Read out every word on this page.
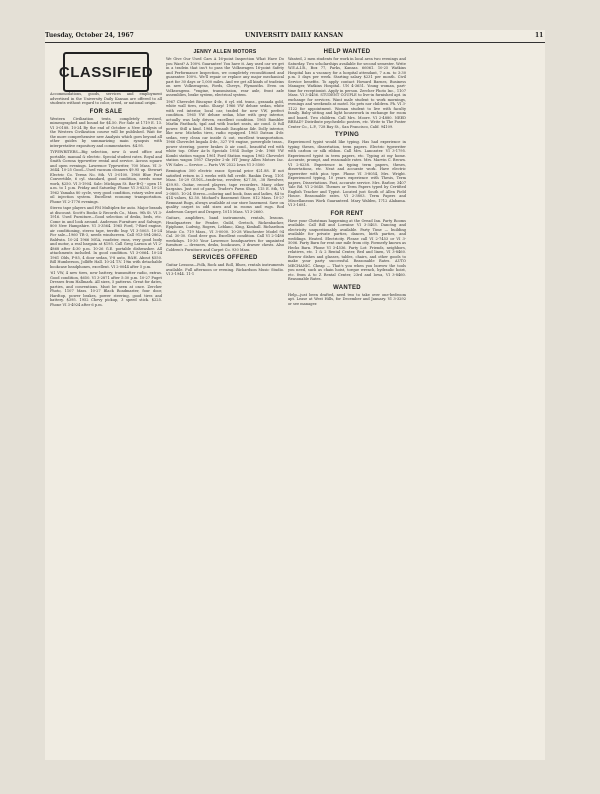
Tuesday, October 24, 1967	UNIVERSITY DAILY KANSAN	11
CLASSIFIED

Accommodations, goods, services and employment advertised in the University Daily Kansan are offered to all students without regard to color, creed, or national origin.

FOR SALE

Western Civilization texts, completely revised, mimeographed and bound for $4.50. For Sale at 1719 E. 13. VI 3-0188. 10-24 By the end of October a New Analysis of the Western Civilization course will be published. Wait for the more comprehensive new Analysis which goes beyond all other guides by summarizing main synopsis with interpretative expository and commentaries. $4.95.

TYPEWRITERS—Big selection, new & used office and portable, manual & electric. Special student rates. Royal and Smith Corona typewriter rental and service. Across square and open evenings. Lawrence Typewriter, 700 Mass. VI 3-3644. 10-25 Good—Used vacuum cleaners $9.95 up. Stewart Electric Co. Terms No. 8th. VI 3-0100. 1960 Blue Ford Convertible, 6 cyl. standard, good condition, needs some work, $250. VI 3-1904. Sale: Michigan St. Bar-B-Q - open 11 a.m. to 1 p.m. Friday and Saturday. Phone VI 3-8233. 10-25 1962 Yamaha 80 cycle, very good condition, rotary valve and oil injection system. Excellent economy transportation. Phone VI 2-1776 evenings.

Stereo tape players and FM Multiplex for auto. Major brands at discount. Scott's Books & Records Co., Mass. 9th St. VI 3-1916. Used Furniture—Good selection of desks, beds, etc. Come in and look around. Anderson Furniture and Salvage, 800 New Hampshire. VI 3-3564. 1965 Ford, 7-Bird engine, air conditioning, stereo tape, terrific buy. VI 3-5003. 10-24 For sale—1960 TR-3, needs windscreen. Call 913-594-2862, Baldwin. 10-24 1966 MGA, roadster, runs, very good body and motor, a real bargain at $195. Call Greg Larson at VI 2-4868 after 4:30 p.m. 10-26 G.E. portable dishwasher. All attachments included. In good condition. VI 3-0064. 10-24 1961 Olds, F-85, 4 door sedan, V-8 auto, R&H. About $550. Bill Humberson, Jolliffe Hall. 10-24 T.V. 19in with detachable bookcase headphones, excellent. VI 2-0044 after 5 p.m.

'61 VW, 4 new tires, new battery, transmitter radio, extras. Good condition, $650. VI 3-2871 after 5:30 p.m. 10-27 Puget Dresses from Hallmark. All sizes, 5 patterns. Great for dates, parties, and conventions. Must be seen at once. Zercher Photo, 1107 Mass. 10-27 Black Roadmaster, four door, Hardtop, power brakes, power steering, good tires and battery. $395. 1952 Chevy pickup, 3 speed stick. $225. Phone VI 3-4924 after 6 p.m.

JENNY ALLEN MOTORS

We Give Our Used Cars A 16-point Inspection What Have Do you Want? A 100% Guarantee! You have it. Any used car we get in a tradein that isn't to pass the Volkswagen 16-point Safety and Performance Inspection, we completely reconditioned and guarantee 100%. We'll repair or replace any major mechanical part for 30 days or 1,000 miles. And we get all kinds of tradeins on new Volkswagens, Fords, Chevys, Plymouths. Even on Volkswagens. *engine, transmission, rear axle, front axle assemblies, brake system, electrical system.

1967 Chevrolet Biscayne 4-dr., 6 cyl. std. trans., granada gold, white wall tires, radio. Sharp! 1966 VW deluxe sedan, white with red interior, local car, traded for new VW, perfect condition. 1965 VW deluxe sedan, blue with gray interior, actually was lady driven, excellent condition. 1965 Rambler Marlin Fastback, tgal and with bucket seats, air cond. & full power. Still a kind. 1964 Renault Dauphine 4dr. Dolly interior, like new. Michelin tires, radio equipped. 1963 Datsun 4-dr. sedan, very clean car inside & out, excellent transportation. 1966 Chevrolet Impala 4-dr., 327 V-8 engine, powerglide trans., power steering, power brakes & air cond., beautiful red with white top. Other As-Is Specials 1954 Dodge 2-dr. 1960 VW Kombi station wagon 1961 Ford Station wagon 1962 Chevrolet station wagon 1957 Chrysler 2-dr. HT Jenny Allen Motors Inc. VW Sales — Service — Parts VW 2522 Iowa VI 3-3500

Remington 300 electric razor. Special price $21.88. If not satisfied return in 2 weeks with full credit. Rankin Drug, 1101 Mass. 10-29 GUNS—trade-ins, revolver, $27.50, .38 Revolver, $39.95. Guitar, record players, tape recorders. Many other bargains. Just out of pawn. Trader's Pawn Shop, 115 E. 8th, VI 2-0805. 10-24 Stereo—coloring and book, fans and ladies, $4 to $14 values, $2.50. Michael's Basement Store. 812 Mass. 10-27 Remnant Rugs, always available at our store basement. Save on quality carpet in odd sizes and in rooms and rugs. Rod Anderson Carpet and Drapery, 1015 Mass. VI 3-2660.

Guitars, amplifiers, band instruments, rentals, lessons. Headquarters for Fender, Guild, Gretsch, Rickenbacker, Epiphone, Ludwig, Rogers, Leblanc, King, Kimball. Richardson Music Co. 719 Mass., VI 3-0000. 10-28 Winchester Model 94 Cal. 30-30. Good deer gun. Excellent condition. Call VI 2-1488 weekdays. 10-30 Your Lawrence headquarters for unpainted furniture — dressers, desks, bookcases, 3 drawer chests. Also Coldren's Furniture and Carpet Co. 930 Mass.

SERVICES OFFERED

Guitar Lessons—Folk, Rock and Roll, Blues, rentals instruments available. Full afternoon or evening. Richardson Music Studio. VI 3-1944. 11-1

HELP WANTED

Wanted, 2 men students for work in local area two evenings and Saturday. Two scholarships available for second semester. Write W.E.A.I.B., Box 77, Parks, Kansas. 66061. 10-25 Watkins Hospital has a vacancy for a hospital attendant, 7 a.m. to 3:30 p.m. 5 days per week. Starting salary $231 per month. Civil Service benefits. To apply contact Howard Barnes, Business Manager, Watkins Hospital. UN 4-3651. Young woman, part-time for receptionist. Apply in person. Zercher Photo Inc., 1107 Mass. VI 3-4456. STUDENT COUPLE to live-in furnished apt. in exchange for services. Want male student to work mornings, evenings and weekends at motel. No pets nor children. Ph. VI 3-1122 for appointment. Woman student to live with faculty family. Baby sitting and light housework in exchange for room and board. Two children. Call Mrs. Moore. VI 2-4880. NEED BREAD? Distribute psychedelic posters, etc. Write to The Poster Center Co., L.P., 728 Bay St., San Francisco, Calif. 94109.

TYPING

Experienced typist would like typing. Has had experience in typing theses, dissertation, term papers. Electric typewriter with carbon or silk ribbon. Call Mrs. Lancaster. VI 3-1795. Experienced typist in term papers, etc. Typing at my home. Accurate, prompt, and reasonable rates. Mrs. Marvin C. Brown. VI 2-8238. Experience in typing term papers, theses, dissertations, etc. Neat and accurate work. Have electric typewriter with pica type. Phone VI 3-8054, Mrs. Wright. Experienced typing, 10 years experience with Thesis, Term papers, Dissertations. Fast, accurate service. Mrs. Barlow, 3407 Yale Rd. VI 2-5640. Themes or Term Papers typed by Certified English Teacher and Typist. Located just South of Allen Field House. Reasonable rates. VI 2-3803. Term Papers and Miscellaneous Work Guaranteed. Mary Walden, 1712 Alabama. VI 3-1681.

FOR RENT

Have your Christmas happening at the Oread Inn. Party Rooms available. Call Bill and Lorraine VI 3-3403. Dancing and electricity unquestionably available. Party Time — building available for private parties, dances, birth parties, and weddings. Heated. Electricity. Please call VI 2-7453 or VI 3-5006. Party Barn for rent one mile from city. Formerly known as Hecks Barn. Phone VI 3-4536. Party Lot: Friends, neighbors, relatives, etc. 1 & 2 Rental Center, Bed and linen, VI 3-8460. Borrow dishes and glasses, tables, chairs, and other goods to make your party successful. Reasonable Rates. AUTO MECHANIC. Cheap — That's you when you borrow the tools you need, such as chain hoist, torque wrench, hydraulic hoist, etc. from A to Z Rental Center, 23rd and Iowa, VI 3-8460. Reasonable Rates.

WANTED

Help—just been drafted, need two to take over one-bedroom apt. Lease at West Hills, for December and January. VI 3-3292 or see manager.
